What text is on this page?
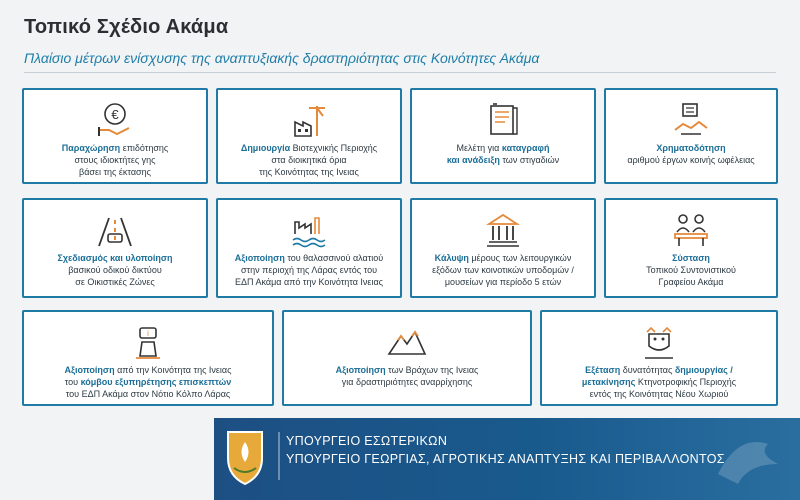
Τοπικό Σχέδιο Ακάμα
Πλαίσιο μέτρων ενίσχυσης της αναπτυξιακής δραστηριότητας στις Κοινότητες Ακάμα
€
Παραχώρηση επιδότησης
στους ιδιοκτήτες γης
βάσει της έκτασης
Δημιουργία Βιοτεχνικής Περιοχής
στα διοικητικά όρια
της Κοινότητας της Ινειας
Μελέτη για καταγραφή
και ανάδειξη των στιγαδιών
Χρηματοδότηση
αριθμού έργων κοινής ωφέλειας
Σχεδιασμός και υλοποίηση
βασικού οδικού δικτύου
σε Οικιστικές Ζώνες
Αξιοποίηση του θαλασσινού αλατιού
στην περιοχή της Λάρας εντός του
ΕΔΠ Ακάμα από την Κοινότητα Ινειας
Κάλυψη μέρους των λειτουργικών
εξόδων των κοινοτικών υποδομών /
μουσείων για περίοδο 5 ετών
Σύσταση
Τοπικού Συντονιστικού
Γραφείου Ακάμα
i
Αξιοποίηση από την Κοινότητα της Ινειας
του κόμβου εξυπηρέτησης επισκεπτών
του ΕΔΠ Ακάμα στον Νότιο Κόλπο Λάρας
Αξιοποίηση των Βράχων της Ινειας
για δραστηριότητες αναρρίχησης
Εξέταση δυνατότητας δημιουργίας /
μετακίνησης Κτηνοτροφικής Περιοχής
εντός της Κοινότητας Νέου Χωριού
ΥΠΟΥΡΓΕΙΟ ΕΣΩΤΕΡΙΚΩΝ
ΥΠΟΥΡΓΕΙΟ ΓΕΩΡΓΙΑΣ, ΑΓΡΟΤΙΚΗΣ ΑΝΑΠΤΥΞΗΣ ΚΑΙ ΠΕΡΙΒΑΛΛΟΝΤΟΣ
